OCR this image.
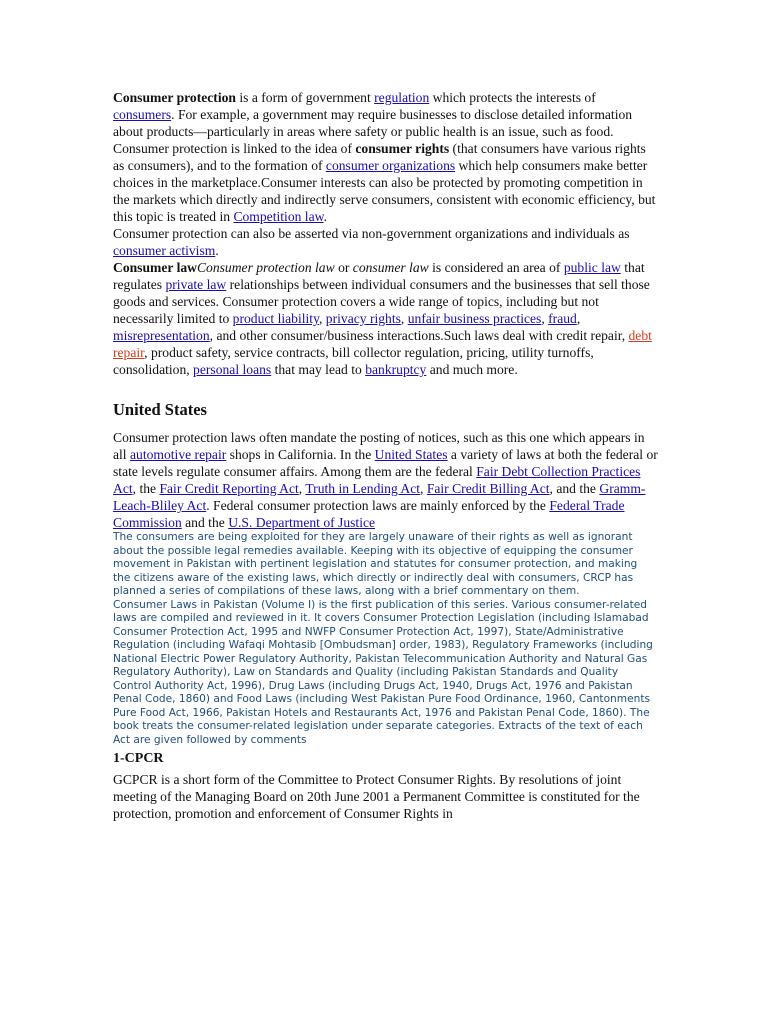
Consumer protection is a form of government regulation which protects the interests of consumers. For example, a government may require businesses to disclose detailed information about products—particularly in areas where safety or public health is an issue, such as food. Consumer protection is linked to the idea of consumer rights (that consumers have various rights as consumers), and to the formation of consumer organizations which help consumers make better choices in the marketplace.Consumer interests can also be protected by promoting competition in the markets which directly and indirectly serve consumers, consistent with economic efficiency, but this topic is treated in Competition law.

Consumer protection can also be asserted via non-government organizations and individuals as consumer activism.

Consumer lawConsumer protection law or consumer law is considered an area of public law that regulates private law relationships between individual consumers and the businesses that sell those goods and services. Consumer protection covers a wide range of topics, including but not necessarily limited to product liability, privacy rights, unfair business practices, fraud, misrepresentation, and other consumer/business interactions.Such laws deal with credit repair, debt repair, product safety, service contracts, bill collector regulation, pricing, utility turnoffs, consolidation, personal loans that may lead to bankruptcy and much more.

United States

Consumer protection laws often mandate the posting of notices, such as this one which appears in all automotive repair shops in California. In the United States a variety of laws at both the federal or state levels regulate consumer affairs. Among them are the federal Fair Debt Collection Practices Act, the Fair Credit Reporting Act, Truth in Lending Act, Fair Credit Billing Act, and the Gramm-Leach-Bliley Act. Federal consumer protection laws are mainly enforced by the Federal Trade Commission and the U.S. Department of Justice

The consumers are being exploited for they are largely unaware of their rights as well as ignorant about the possible legal remedies available. Keeping with its objective of equipping the consumer movement in Pakistan with pertinent legislation and statutes for consumer protection, and making the citizens aware of the existing laws, which directly or indirectly deal with consumers, CRCP has planned a series of compilations of these laws, along with a brief commentary on them.

Consumer Laws in Pakistan (Volume I) is the first publication of this series. Various consumer-related laws are compiled and reviewed in it. It covers Consumer Protection Legislation (including Islamabad Consumer Protection Act, 1995 and NWFP Consumer Protection Act, 1997), State/Administrative Regulation (including Wafaqi Mohtasib [Ombudsman] order, 1983), Regulatory Frameworks (including National Electric Power Regulatory Authority, Pakistan Telecommunication Authority and Natural Gas Regulatory Authority), Law on Standards and Quality (including Pakistan Standards and Quality Control Authority Act, 1996), Drug Laws (including Drugs Act, 1940, Drugs Act, 1976 and Pakistan Penal Code, 1860) and Food Laws (including West Pakistan Pure Food Ordinance, 1960, Cantonments Pure Food Act, 1966, Pakistan Hotels and Restaurants Act, 1976 and Pakistan Penal Code, 1860). The book treats the consumer-related legislation under separate categories. Extracts of the text of each Act are given followed by comments

1-CPCR

GCPCR is a short form of the Committee to Protect Consumer Rights. By resolutions of joint meeting of the Managing Board on 20th June 2001 a Permanent Committee is constituted for the protection, promotion and enforcement of Consumer Rights in
